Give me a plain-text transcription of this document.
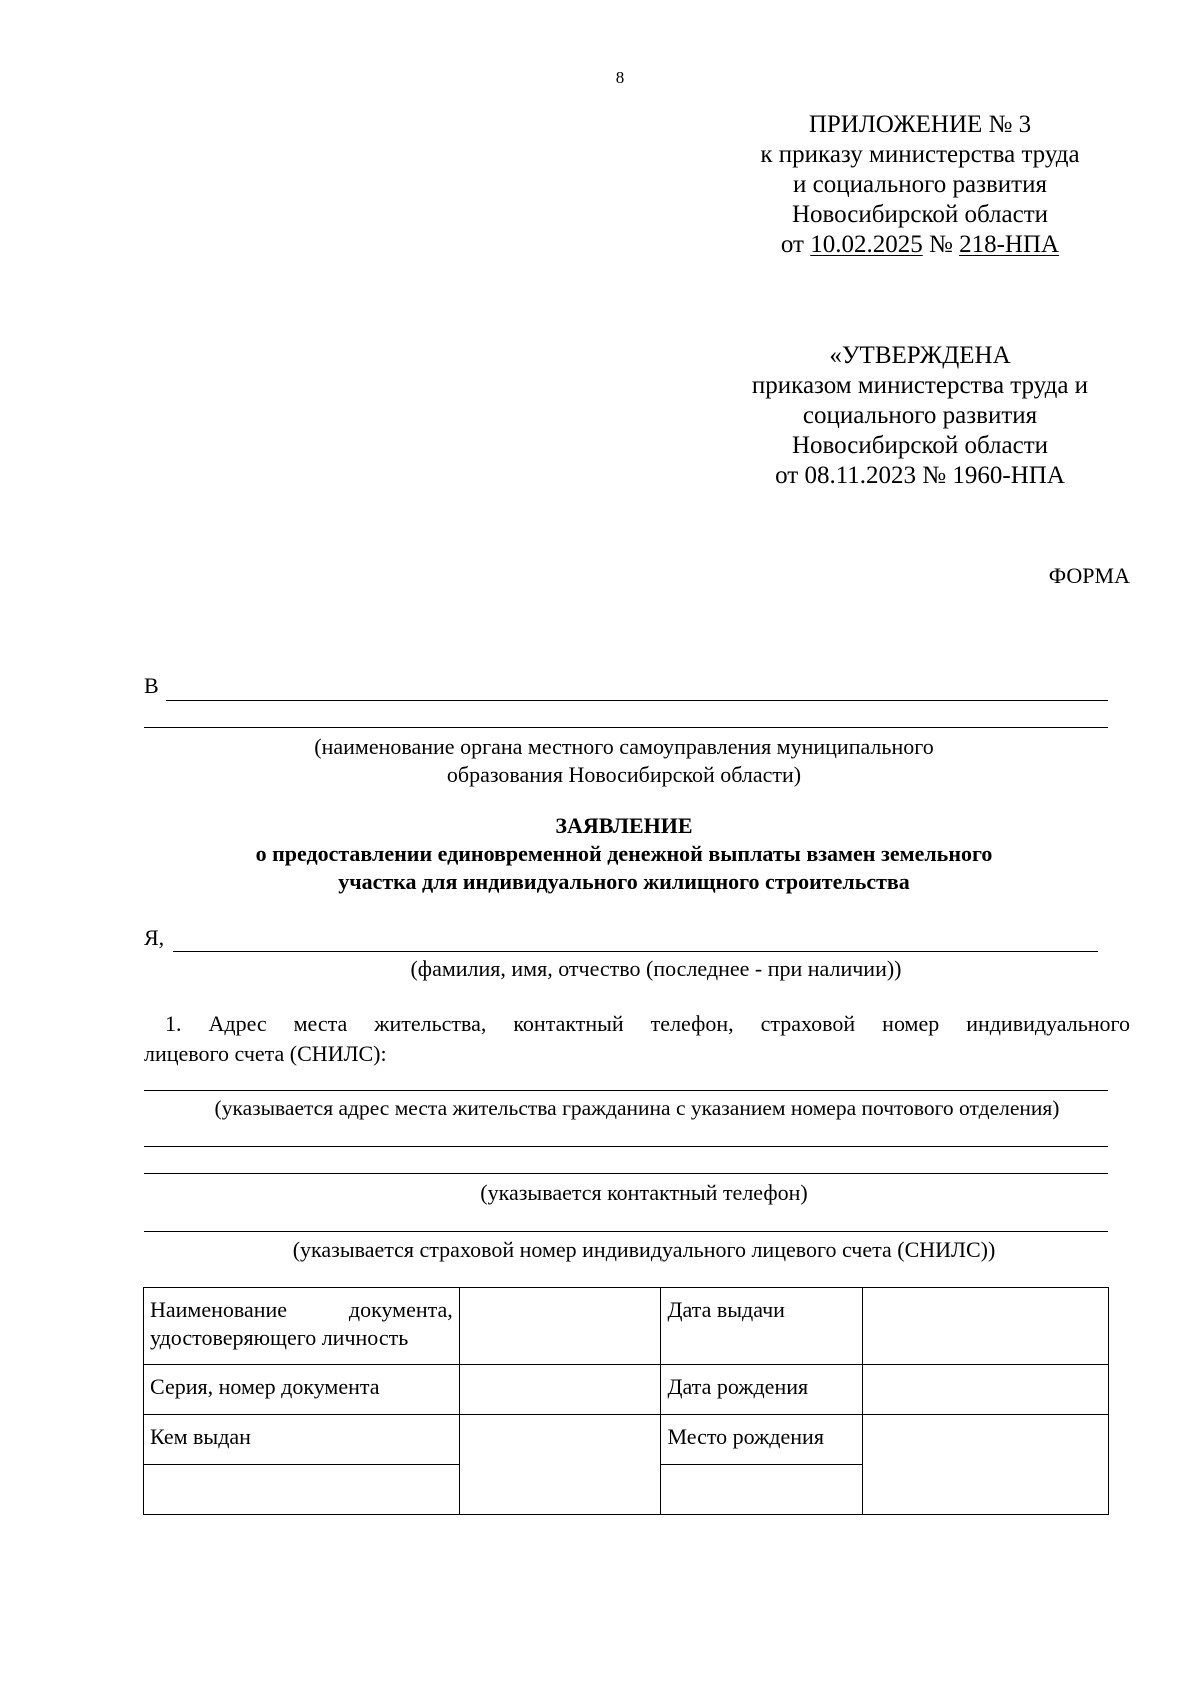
8
ПРИЛОЖЕНИЕ № 3
к приказу министерства труда
и социального развития
Новосибирской области
от 10.02.2025 № 218-НПА
«УТВЕРЖДЕНА
приказом министерства труда и
социального развития
Новосибирской области
от 08.11.2023 № 1960-НПА
ФОРМА
В
(наименование органа местного самоуправления муниципального
образования Новосибирской области)
ЗАЯВЛЕНИЕ
о предоставлении единовременной денежной выплаты взамен земельного
участка для индивидуального жилищного строительства
Я,
(фамилия, имя, отчество (последнее - при наличии))
1. Адрес места жительства, контактный телефон, страховой номер индивидуального
лицевого счета (СНИЛС):
(указывается адрес места жительства гражданина с указанием номера почтового отделения)
(указывается контактный телефон)
(указывается страховой номер индивидуального лицевого счета (СНИЛС))
Наименование документа, удостоверяющего личность		Дата выдачи	
Серия, номер документа		Дата рождения	
Кем выдан		Место рождения	
